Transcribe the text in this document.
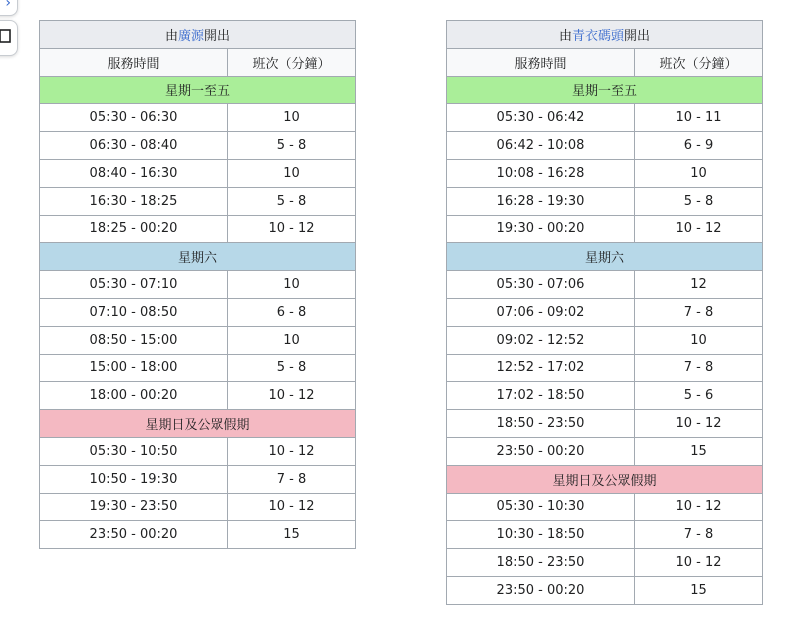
›
由廣源開出	
服務時間	班次（分鐘）
星期一至五	
05:30 - 06:30	10
06:30 - 08:40	5 - 8
08:40 - 16:30	10
16:30 - 18:25	5 - 8
18:25 - 00:20	10 - 12
星期六	
05:30 - 07:10	10
07:10 - 08:50	6 - 8
08:50 - 15:00	10
15:00 - 18:00	5 - 8
18:00 - 00:20	10 - 12
星期日及公眾假期	
05:30 - 10:50	10 - 12
10:50 - 19:30	7 - 8
19:30 - 23:50	10 - 12
23:50 - 00:20	15
由青衣碼頭開出	
服務時間	班次（分鐘）
星期一至五	
05:30 - 06:42	10 - 11
06:42 - 10:08	6 - 9
10:08 - 16:28	10
16:28 - 19:30	5 - 8
19:30 - 00:20	10 - 12
星期六	
05:30 - 07:06	12
07:06 - 09:02	7 - 8
09:02 - 12:52	10
12:52 - 17:02	7 - 8
17:02 - 18:50	5 - 6
18:50 - 23:50	10 - 12
23:50 - 00:20	15
星期日及公眾假期	
05:30 - 10:30	10 - 12
10:30 - 18:50	7 - 8
18:50 - 23:50	10 - 12
23:50 - 00:20	15
